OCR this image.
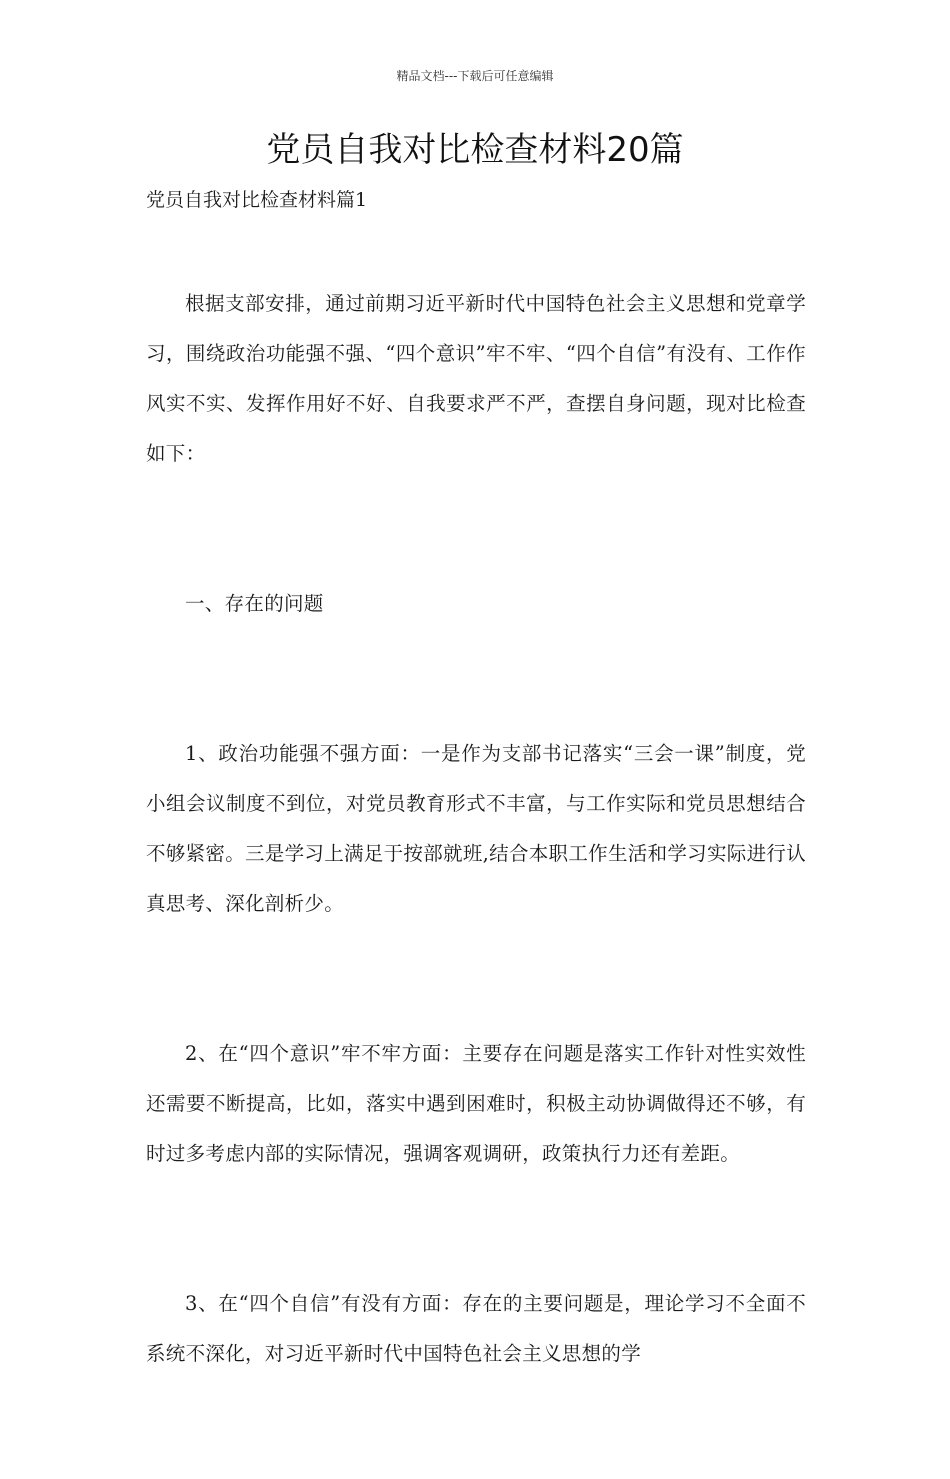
精品文档---下载后可任意编辑
党员自我对比检查材料20篇
党员自我对比检查材料篇1

根据支部安排，通过前期习近平新时代中国特色社会主义思想和党章学习，围绕政治功能强不强、“四个意识”牢不牢、“四个自信”有没有、工作作风实不实、发挥作用好不好、自我要求严不严，查摆自身问题，现对比检查如下：

一、存在的问题

1、政治功能强不强方面：一是作为支部书记落实“三会一课”制度，党小组会议制度不到位，对党员教育形式不丰富，与工作实际和党员思想结合不够紧密。三是学习上满足于按部就班,结合本职工作生活和学习实际进行认真思考、深化剖析少。

2、在“四个意识”牢不牢方面：主要存在问题是落实工作针对性实效性还需要不断提高，比如，落实中遇到困难时，积极主动协调做得还不够，有时过多考虑内部的实际情况，强调客观调研，政策执行力还有差距。

3、在“四个自信”有没有方面：存在的主要问题是，理论学习不全面不系统不深化，对习近平新时代中国特色社会主义思想的学
